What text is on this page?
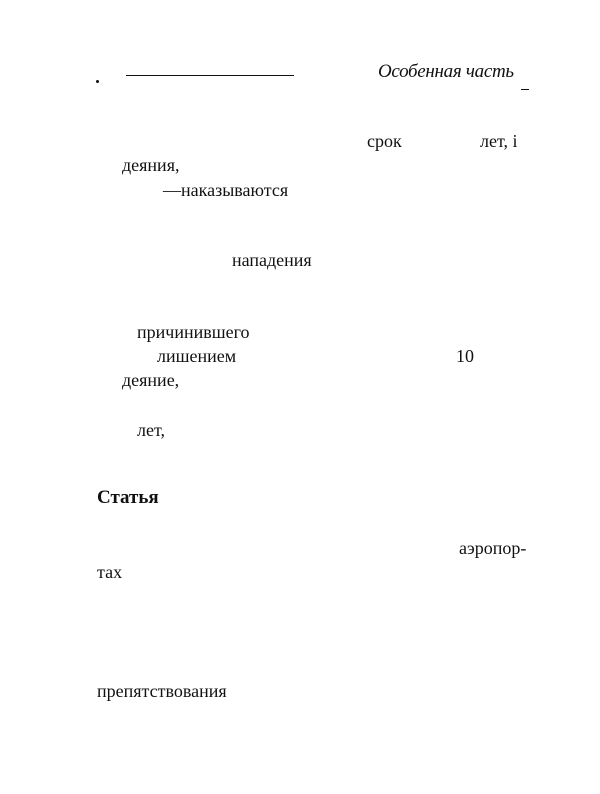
Особенная часть
срок	лет, і
деяния,
—наказываются
нападения
причинившего
лишением	10
деяние,
лет,
Статья
аэропор-
тах
препятствования
